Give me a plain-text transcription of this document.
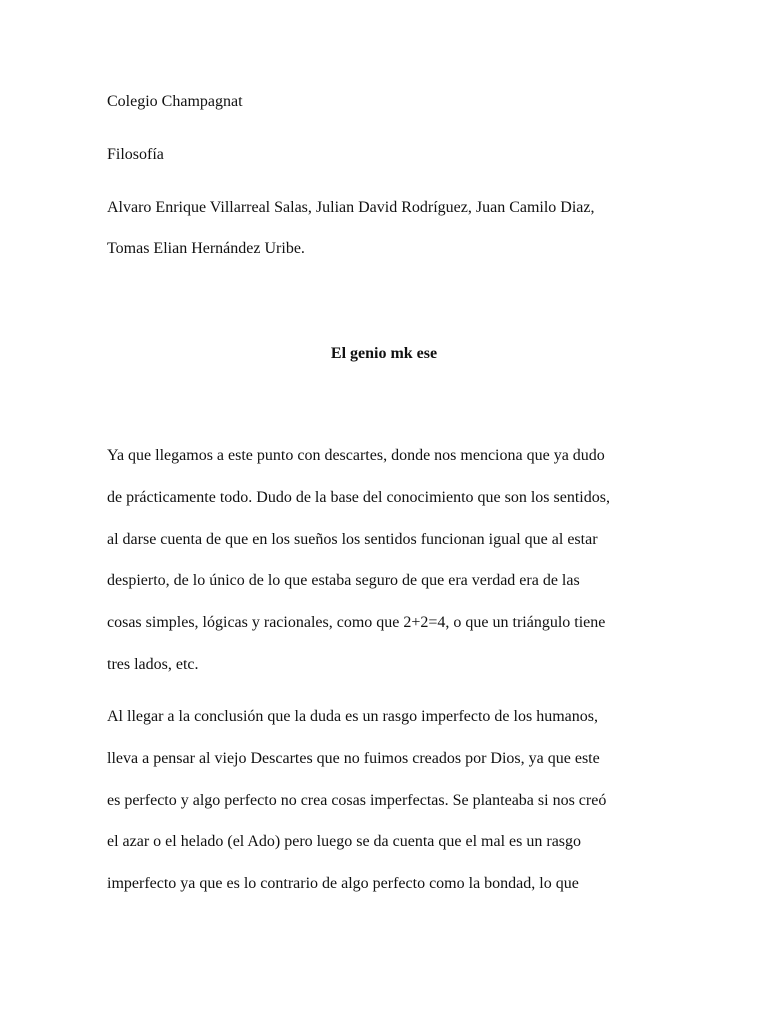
Colegio Champagnat
Filosofía
Alvaro Enrique Villarreal Salas, Julian David Rodríguez, Juan Camilo Diaz,
Tomas Elian Hernández Uribe.
El genio mk ese
Ya que llegamos a este punto con descartes, donde nos menciona que ya dudo
de prácticamente todo. Dudo de la base del conocimiento que son los sentidos,
al darse cuenta de que en los sueños los sentidos funcionan igual que al estar
despierto, de lo único de lo que estaba seguro de que era verdad era de las
cosas simples, lógicas y racionales, como que 2+2=4, o que un triángulo tiene
tres lados, etc.
Al llegar a la conclusión que la duda es un rasgo imperfecto de los humanos,
lleva a pensar al viejo Descartes que no fuimos creados por Dios, ya que este
es perfecto y algo perfecto no crea cosas imperfectas. Se planteaba si nos creó
el azar o el helado (el Ado) pero luego se da cuenta que el mal es un rasgo
imperfecto ya que es lo contrario de algo perfecto como la bondad, lo que
